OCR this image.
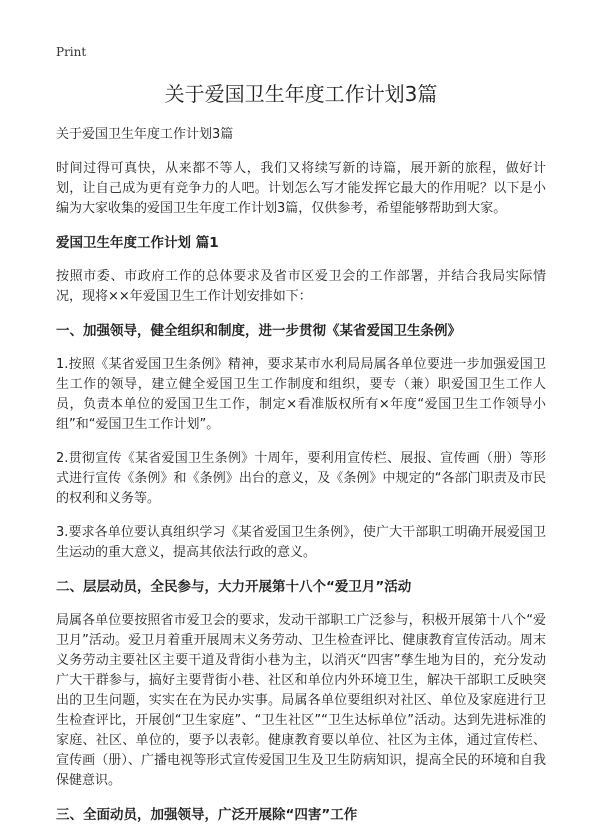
Print
关于爱国卫生年度工作计划3篇

关于爱国卫生年度工作计划3篇

时间过得可真快，从来都不等人，我们又将续写新的诗篇，展开新的旅程，做好计划，让自己成为更有竞争力的人吧。计划怎么写才能发挥它最大的作用呢？以下是小编为大家收集的爱国卫生年度工作计划3篇，仅供参考，希望能够帮助到大家。

爱国卫生年度工作计划 篇1

按照市委、市政府工作的总体要求及省市区爱卫会的工作部署，并结合我局实际情况，现将××年爱国卫生工作计划安排如下：

一、加强领导，健全组织和制度，进一步贯彻《某省爱国卫生条例》

1.按照《某省爱国卫生条例》精神，要求某市水利局局属各单位要进一步加强爱国卫生工作的领导，建立健全爱国卫生工作制度和组织，要专（兼）职爱国卫生工作人员，负责本单位的爱国卫生工作，制定×看准版权所有×年度“爱国卫生工作领导小组”和“爱国卫生工作计划”。

2.贯彻宣传《某省爱国卫生条例》十周年，要利用宣传栏、展报、宣传画（册）等形式进行宣传《条例》和《条例》出台的意义，及《条例》中规定的“各部门职责及市民的权利和义务等。

3.要求各单位要认真组织学习《某省爱国卫生条例》，使广大干部职工明确开展爱国卫生运动的重大意义，提高其依法行政的意义。

二、层层动员，全民参与，大力开展第十八个“爱卫月”活动

局属各单位要按照省市爱卫会的要求，发动干部职工广泛参与，积极开展第十八个“爱卫月”活动。爱卫月着重开展周末义务劳动、卫生检查评比、健康教育宣传活动。周末义务劳动主要社区主要干道及背街小巷为主，以消灭“四害”孳生地为目的，充分发动广大干群参与，搞好主要背街小巷、社区和单位内外环境卫生，解决干部职工反映突出的卫生问题，实实在在为民办实事。局属各单位要组织对社区、单位及家庭进行卫生检查评比，开展创“卫生家庭”、“卫生社区”“卫生达标单位”活动。达到先进标准的家庭、社区、单位的，要予以表彰。健康教育要以单位、社区为主体，通过宣传栏、宣传画（册）、广播电视等形式宣传爱国卫生及卫生防病知识，提高全民的环境和自我保健意识。

三、全面动员，加强领导，广泛开展除“四害”工作
